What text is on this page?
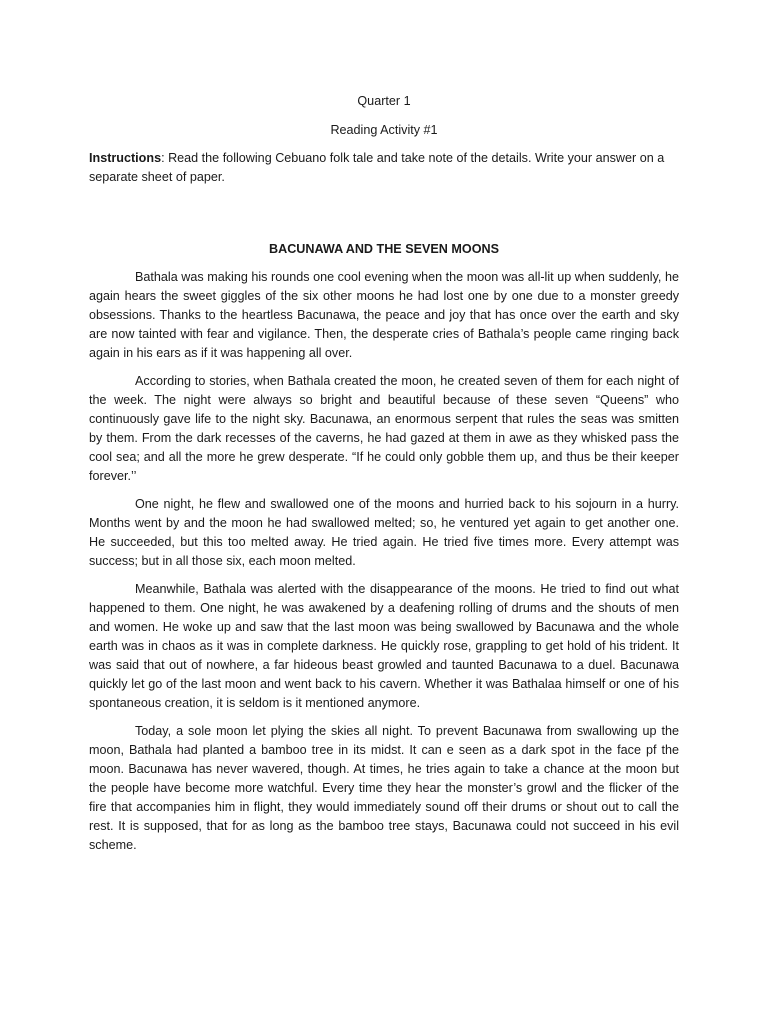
Quarter 1

Reading Activity #1

Instructions: Read the following Cebuano folk tale and take note of the details. Write your answer on a separate sheet of paper.

BACUNAWA AND THE SEVEN MOONS

Bathala was making his rounds one cool evening when the moon was all-lit up when suddenly, he again hears the sweet giggles of the six other moons he had lost one by one due to a monster greedy obsessions. Thanks to the heartless Bacunawa, the peace and joy that has once over the earth and sky are now tainted with fear and vigilance. Then, the desperate cries of Bathala’s people came ringing back again in his ears as if it was happening all over.

According to stories, when Bathala created the moon, he created seven of them for each night of the week. The night were always so bright and beautiful because of these seven “Queens” who continuously gave life to the night sky. Bacunawa, an enormous serpent that rules the seas was smitten by them. From the dark recesses of the caverns, he had gazed at them in awe as they whisked pass the cool sea; and all the more he grew desperate. “If he could only gobble them up, and thus be their keeper forever.’’

One night, he flew and swallowed one of the moons and hurried back to his sojourn in a hurry. Months went by and the moon he had swallowed melted; so, he ventured yet again to get another one. He succeeded, but this too melted away. He tried again. He tried five times more. Every attempt was success; but in all those six, each moon melted.

Meanwhile, Bathala was alerted with the disappearance of the moons. He tried to find out what happened to them. One night, he was awakened by a deafening rolling of drums and the shouts of men and women. He woke up and saw that the last moon was being swallowed by Bacunawa and the whole earth was in chaos as it was in complete darkness. He quickly rose, grappling to get hold of his trident. It was said that out of nowhere, a far hideous beast growled and taunted Bacunawa to a duel. Bacunawa quickly let go of the last moon and went back to his cavern. Whether it was Bathalaa himself or one of his spontaneous creation, it is seldom is it mentioned anymore.

Today, a sole moon let plying the skies all night. To prevent Bacunawa from swallowing up the moon, Bathala had planted a bamboo tree in its midst. It can e seen as a dark spot in the face pf the moon. Bacunawa has never wavered, though. At times, he tries again to take a chance at the moon but the people have become more watchful. Every time they hear the monster’s growl and the flicker of the fire that accompanies him in flight, they would immediately sound off their drums or shout out to call the rest. It is supposed, that for as long as the bamboo tree stays, Bacunawa could not succeed in his evil scheme.
